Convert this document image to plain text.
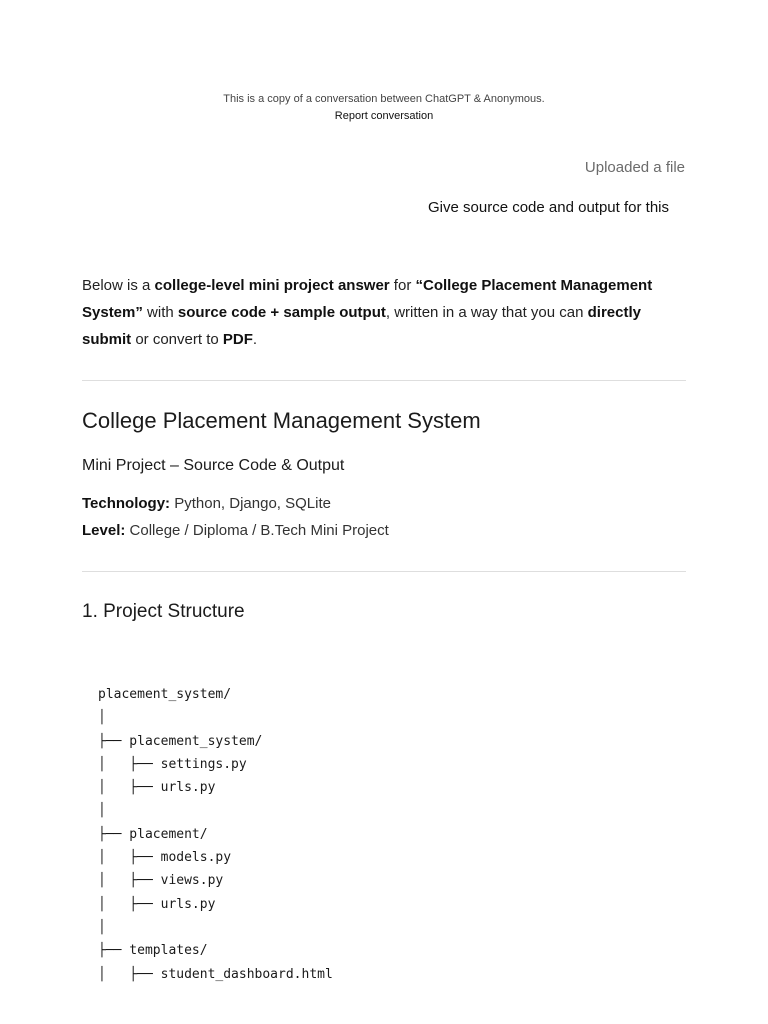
This is a copy of a conversation between ChatGPT & Anonymous.
Report conversation
Uploaded a file
Give source code and output for this

Below is a college-level mini project answer for “College Placement Management System” with source code + sample output, written in a way that you can directly submit or convert to PDF.

College Placement Management System
Mini Project – Source Code & Output

Technology: Python, Django, SQLite
Level: College / Diploma / B.Tech Mini Project

1. Project Structure
placement_system/
│
├── placement_system/
│   ├── settings.py
│   ├── urls.py
│
├── placement/
│   ├── models.py
│   ├── views.py
│   ├── urls.py
│
├── templates/
│   ├── student_dashboard.html
